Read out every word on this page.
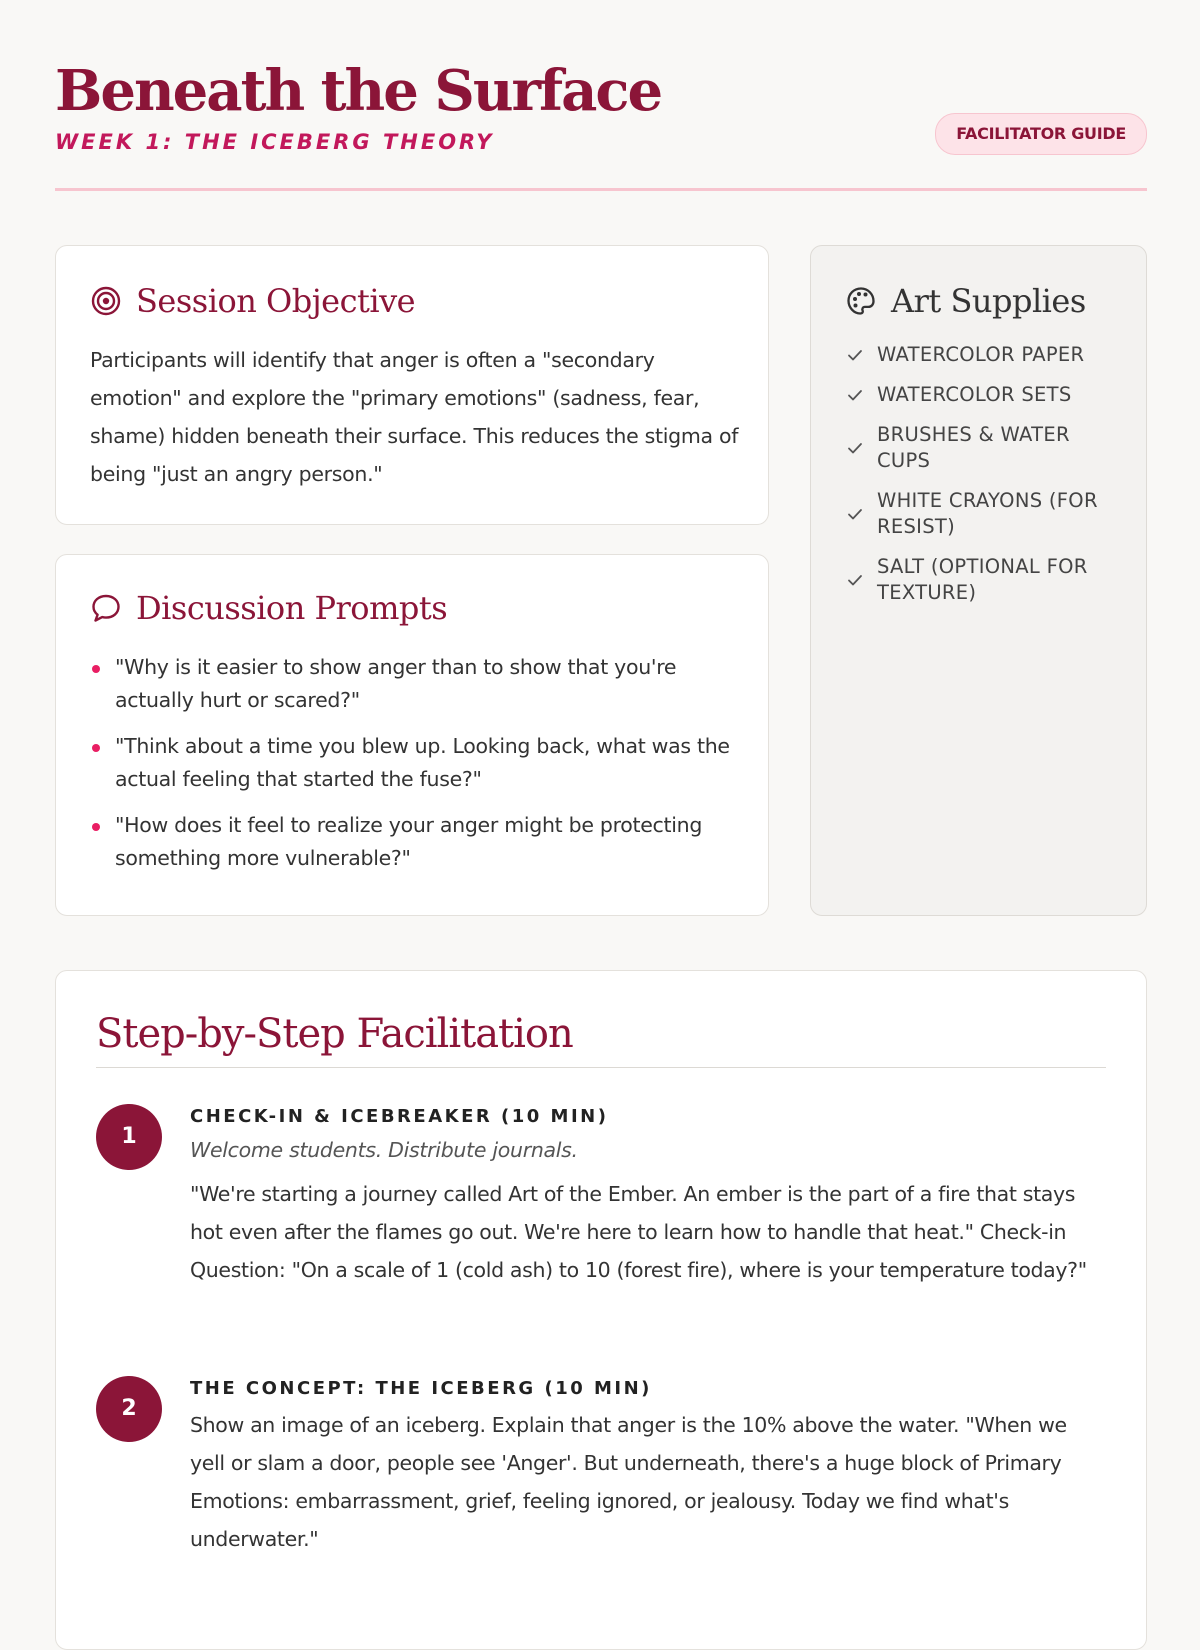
Beneath the Surface
WEEK 1: THE ICEBERG THEORY	FACILITATOR GUIDE
Session Objective

Participants will identify that anger is often a "secondary emotion" and explore the "primary emotions" (sadness, fear, shame) hidden beneath their surface. This reduces the stigma of being "just an angry person."

Discussion Prompts
"Why is it easier to show anger than to show that you're actually hurt or scared?"
"Think about a time you blew up. Looking back, what was the actual feeling that started the fuse?"
"How does it feel to realize your anger might be protecting something more vulnerable?"
Art Supplies
WATERCOLOR PAPER
WATERCOLOR SETS
BRUSHES & WATER CUPS
WHITE CRAYONS (FOR RESIST)
SALT (OPTIONAL FOR TEXTURE)
Step-by-Step Facilitation
1
CHECK-IN & ICEBREAKER (10 MIN)
Welcome students. Distribute journals.
"We're starting a journey called Art of the Ember. An ember is the part of a fire that stays hot even after the flames go out. We're here to learn how to handle that heat." Check-in Question: "On a scale of 1 (cold ash) to 10 (forest fire), where is your temperature today?"
2
THE CONCEPT: THE ICEBERG (10 MIN)
Show an image of an iceberg. Explain that anger is the 10% above the water. "When we yell or slam a door, people see 'Anger'. But underneath, there's a huge block of Primary Emotions: embarrassment, grief, feeling ignored, or jealousy. Today we find what's underwater."
